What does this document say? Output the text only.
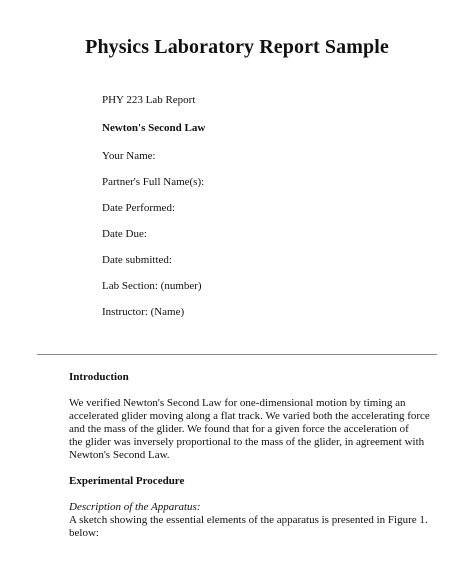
Physics Laboratory Report Sample
PHY 223 Lab Report
Newton's Second Law
Your Name:
Partner's Full Name(s):
Date Performed:
Date Due:
Date submitted:
Lab Section: (number)
Instructor: (Name)
Introduction
We verified Newton's Second Law for one-dimensional motion by timing an
accelerated glider moving along a flat track. We varied both the accelerating force
and the mass of the glider. We found that for a given force the acceleration of
the glider was inversely proportional to the mass of the glider, in agreement with
Newton's Second Law.
Experimental Procedure
Description of the Apparatus:
A sketch showing the essential elements of the apparatus is presented in Figure 1.
below:
